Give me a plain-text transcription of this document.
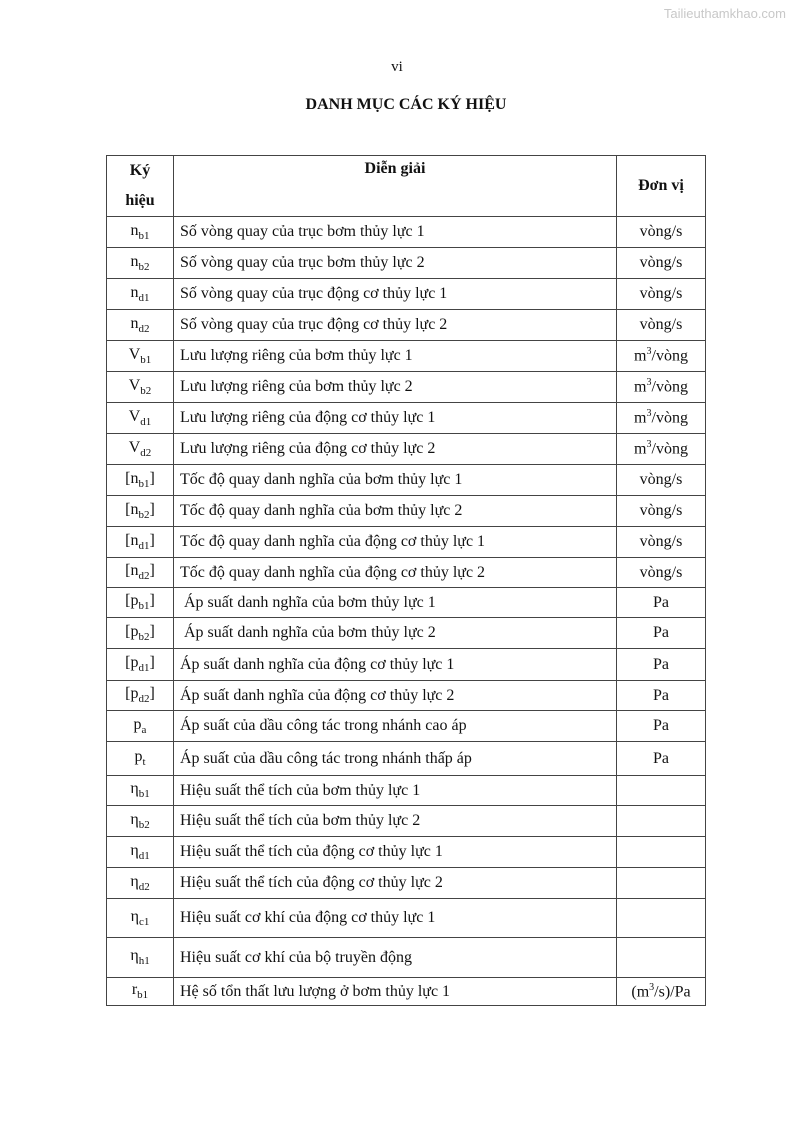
Tailieuthamkhao.com
vi
DANH MỤC CÁC KÝ HIỆU
Ký
hiệu	Diễn giải	Đơn vị
$n_{b1}$	Số vòng quay của trục bơm thủy lực 1	vòng/s
$n_{b2}$	Số vòng quay của trục bơm thủy lực 2	vòng/s
$n_{d1}$	Số vòng quay của trục động cơ thủy lực 1	vòng/s
$n_{d2}$	Số vòng quay của trục động cơ thủy lực 2	vòng/s
$V_{b1}$	Lưu lượng riêng của bơm thủy lực 1	$m^3$/vòng
$V_{b2}$	Lưu lượng riêng của bơm thủy lực 2	$m^3$/vòng
$V_{d1}$	Lưu lượng riêng của động cơ thủy lực 1	$m^3$/vòng
$V_{d2}$	Lưu lượng riêng của động cơ thủy lực 2	$m^3$/vòng
$[n_{b1}]$	Tốc độ quay danh nghĩa của bơm thủy lực 1	vòng/s
$[n_{b2}]$	Tốc độ quay danh nghĩa của bơm thủy lực 2	vòng/s
$[n_{d1}]$	Tốc độ quay danh nghĩa của động cơ thủy lực 1	vòng/s
$[n_{d2}]$	Tốc độ quay danh nghĩa của động cơ thủy lực 2	vòng/s
$[p_{b1}]$	Áp suất danh nghĩa của bơm thủy lực 1	Pa
$[p_{b2}]$	Áp suất danh nghĩa của bơm thủy lực 2	Pa
$[p_{d1}]$	Áp suất danh nghĩa của động cơ thủy lực 1	Pa
$[p_{d2}]$	Áp suất danh nghĩa của động cơ thủy lực 2	Pa
$p_a$	Áp suất của dầu công tác trong nhánh cao áp	Pa
$p_t$	Áp suất của dầu công tác trong nhánh thấp áp	Pa
$\eta_{b1}$	Hiệu suất thể tích của bơm thủy lực 1	
$\eta_{b2}$	Hiệu suất thể tích của bơm thủy lực 2	
$\eta_{d1}$	Hiệu suất thể tích của động cơ thủy lực 1	
$\eta_{d2}$	Hiệu suất thể tích của động cơ thủy lực 2	
$\eta_{c1}$	Hiệu suất cơ khí của động cơ thủy lực 1	
$\eta_{h1}$	Hiệu suất cơ khí của bộ truyền động	
$r_{b1}$	Hệ số tổn thất lưu lượng ở bơm thủy lực 1	$(m^3/s)/Pa$
